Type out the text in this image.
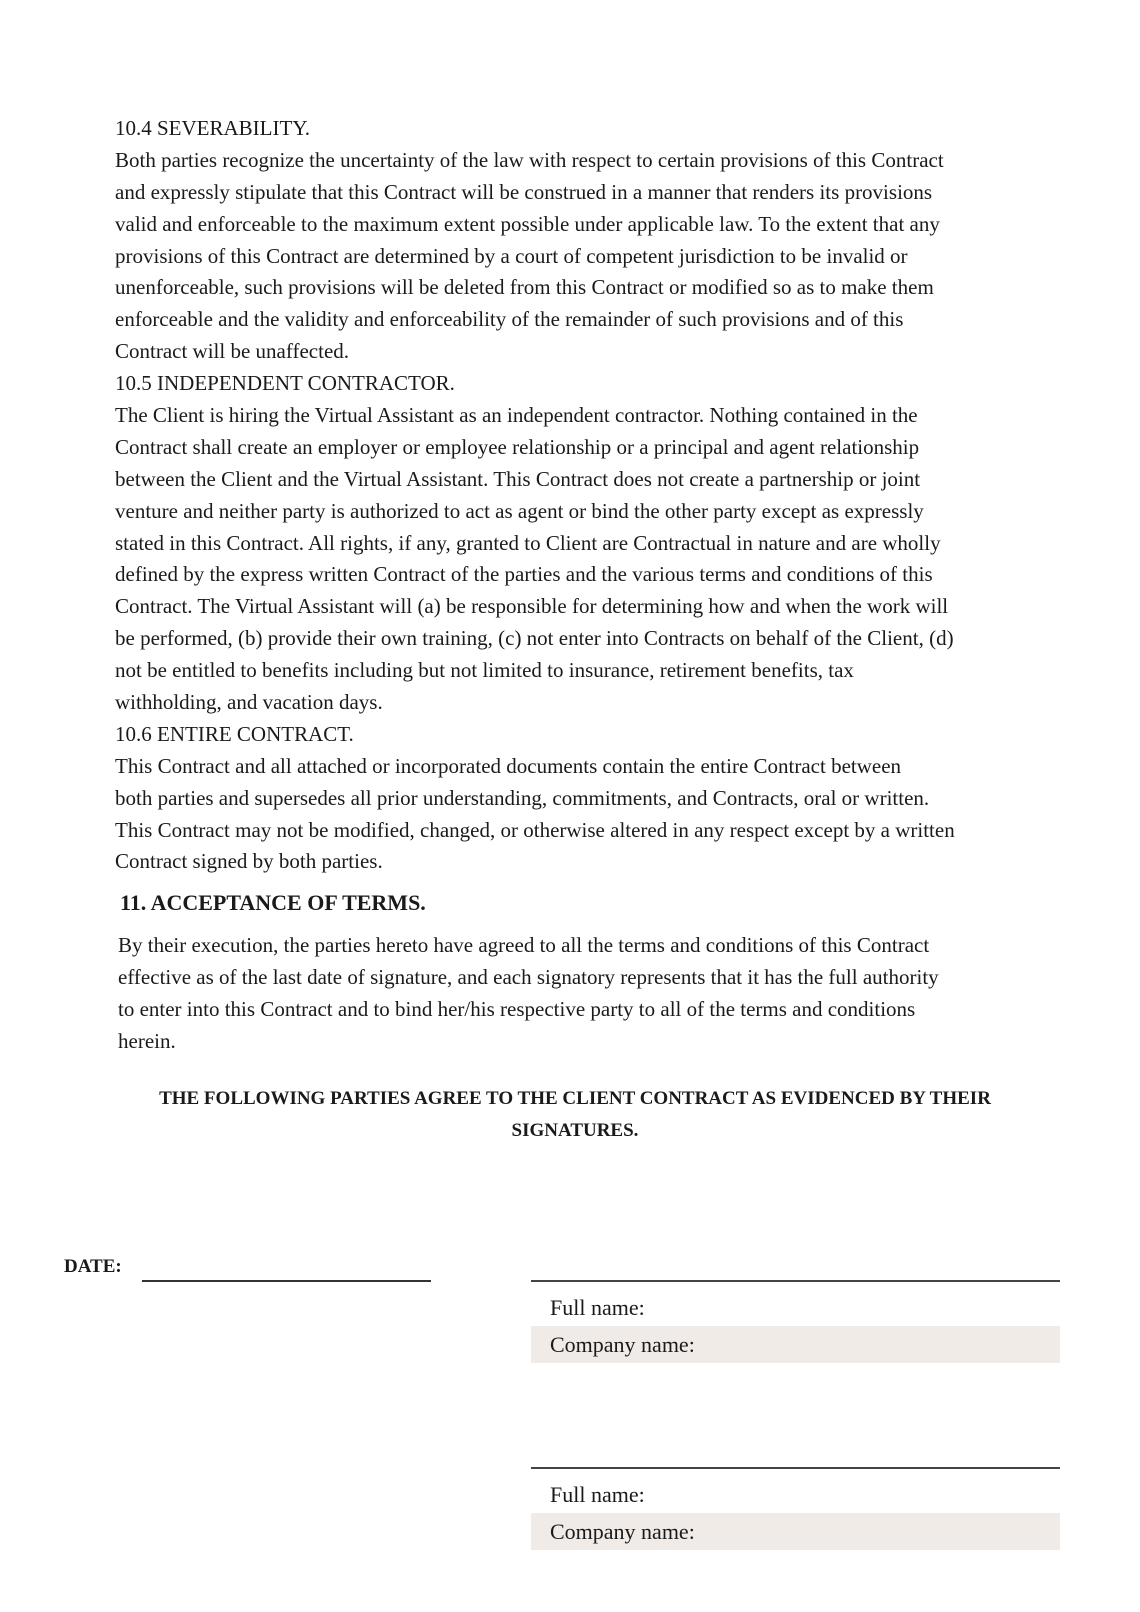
10.4 SEVERABILITY.
Both parties recognize the uncertainty of the law with respect to certain provisions of this Contract
and expressly stipulate that this Contract will be construed in a manner that renders its provisions
valid and enforceable to the maximum extent possible under applicable law. To the extent that any
provisions of this Contract are determined by a court of competent jurisdiction to be invalid or
unenforceable, such provisions will be deleted from this Contract or modified so as to make them
enforceable and the validity and enforceability of the remainder of such provisions and of this
Contract will be unaffected.
10.5 INDEPENDENT CONTRACTOR.
The Client is hiring the Virtual Assistant as an independent contractor. Nothing contained in the
Contract shall create an employer or employee relationship or a principal and agent relationship
between the Client and the Virtual Assistant. This Contract does not create a partnership or joint
venture and neither party is authorized to act as agent or bind the other party except as expressly
stated in this Contract. All rights, if any, granted to Client are Contractual in nature and are wholly
defined by the express written Contract of the parties and the various terms and conditions of this
Contract. The Virtual Assistant will (a) be responsible for determining how and when the work will
be performed, (b) provide their own training, (c) not enter into Contracts on behalf of the Client, (d)
not be entitled to benefits including but not limited to insurance, retirement benefits, tax
withholding, and vacation days.
10.6 ENTIRE CONTRACT.
This Contract and all attached or incorporated documents contain the entire Contract between
both parties and supersedes all prior understanding, commitments, and Contracts, oral or written.
This Contract may not be modified, changed, or otherwise altered in any respect except by a written
Contract signed by both parties.
11. ACCEPTANCE OF TERMS.
By their execution, the parties hereto have agreed to all the terms and conditions of this Contract
effective as of the last date of signature, and each signatory represents that it has the full authority
to enter into this Contract and to bind her/his respective party to all of the terms and conditions
herein.
THE FOLLOWING PARTIES AGREE TO THE CLIENT CONTRACT AS EVIDENCED BY THEIR
SIGNATURES.
DATE:
Full name:
Company name:
Full name:
Company name:
